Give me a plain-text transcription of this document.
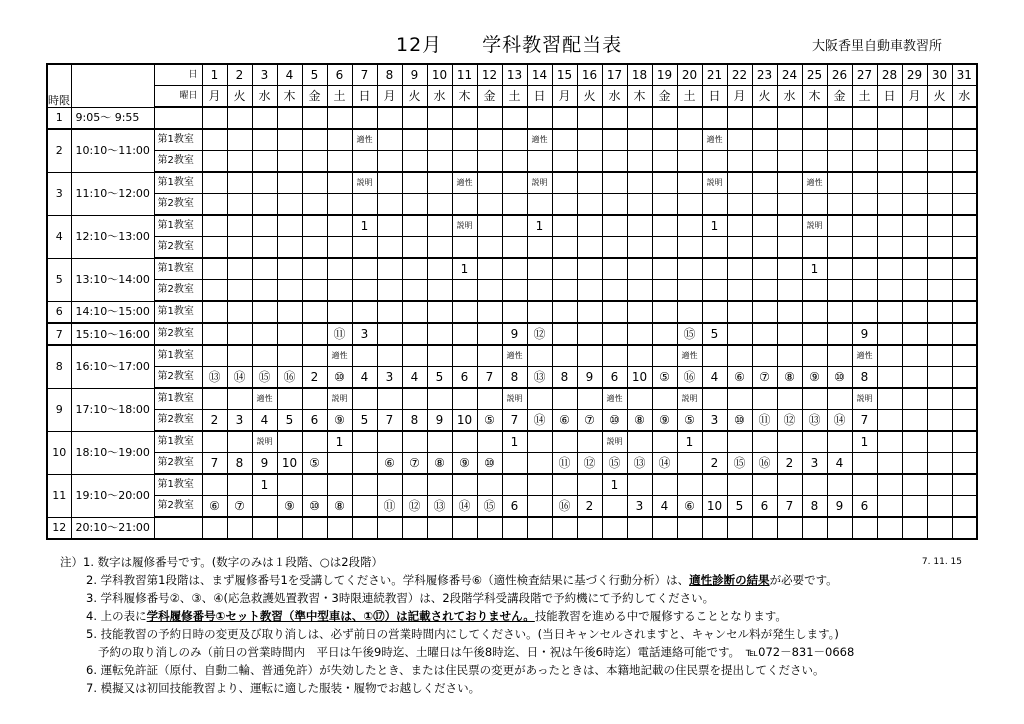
12月　　学科教習配当表	大阪香里自動車教習所
時限		日	1	2	3	4	5	6	7	8	9	10	11	12	13	14	15	16	17	18	19	20	21	22	23	24	25	26	27	28	29	30	31
		曜日	月	火	水	木	金	土	日	月	火	水	木	金	土	日	月	火	水	木	金	土	日	月	火	水	木	金	土	日	月	火	水
1	9:05～ 9:55																																
2	10:10～11:00	第1教室							適性							適性							適性										
		第2教室																															
3	11:10～12:00	第1教室							説明				適性			説明							説明				適性						
		第2教室																															
4	12:10～13:00	第1教室							1				説明			1							1				説明						
		第2教室																															
5	13:10～14:00	第1教室											1														1						
		第2教室																															
6	14:10～15:00	第1教室																															
7	15:10～16:00	第2教室						⑪	3						9	⑫						⑮	5						9				
8	16:10～17:00	第1教室						適性							適性							適性							適性				
		第2教室	⑬	⑭	⑮	⑯	2	⑩	4	3	4	5	6	7	8	⑬	8	9	6	10	⑤	⑯	4	⑥	⑦	⑧	⑨	⑩	8				
9	17:10～18:00	第1教室			適性			説明							説明				適性			説明							説明				
		第2教室	2	3	4	5	6	⑨	5	7	8	9	10	⑤	7	⑭	⑥	⑦	⑩	⑧	⑨	⑤	3	⑩	⑪	⑫	⑬	⑭	7				
10	18:10～19:00	第1教室			説明			1							1				説明			1							1				
		第2教室	7	8	9	10	⑤			⑥	⑦	⑧	⑨	⑩			⑪	⑫	⑮	⑬	⑭		2	⑮	⑯	2	3	4					
11	19:10～20:00	第1教室			1														1														
		第2教室	⑥	⑦		⑨	⑩	⑧		⑪	⑫	⑬	⑭	⑮	6		⑯	2		3	4	⑥	10	5	6	7	8	9	6				
12	20:10～21:00																																
7. 11. 15
注）1. 数字は履修番号です。(数字のみは１段階、○は2段階）
2. 学科教習第1段階は、まず履修番号1を受講してください。学科履修番号⑥（適性検査結果に基づく行動分析）は、適性診断の結果が必要です。
3. 学科履修番号②、③、④(応急救護処置教習・3時限連続教習）は、2段階学科受講段階で予約機にて予約してください。
4. 上の表に学科履修番号①セット教習（準中型車は、①⑰）は記載されておりません。技能教習を進める中で履修することとなります。
5. 技能教習の予約日時の変更及び取り消しは、必ず前日の営業時間内にしてください。(当日キャンセルされますと、キャンセル料が発生します。)
予約の取り消しのみ（前日の営業時間内　平日は午後9時迄、土曜日は午後8時迄、日・祝は午後6時迄）電話連絡可能です。　℡072－831－0668
6. 運転免許証（原付、自動二輪、普通免許）が失効したとき、または住民票の変更があったときは、本籍地記載の住民票を提出してください。
7. 模擬又は初回技能教習より、運転に適した服装・履物でお越しください。
